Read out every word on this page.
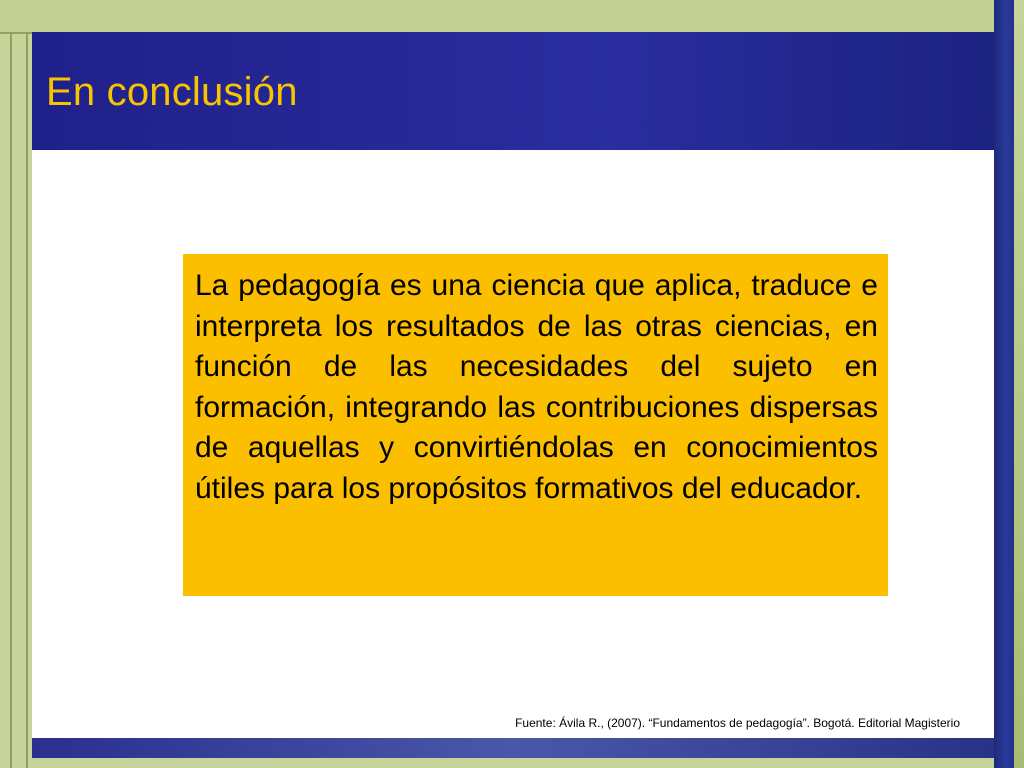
En conclusión

La pedagogía es una ciencia que aplica, traduce e interpreta los resultados de las otras ciencias, en función de las necesidades del sujeto en formación, integrando las contribuciones dispersas de aquellas y convirtiéndolas en conocimientos útiles para los propósitos formativos del educador.

Fuente: Ávila R., (2007). “Fundamentos de pedagogía”. Bogotá. Editorial Magisterio
